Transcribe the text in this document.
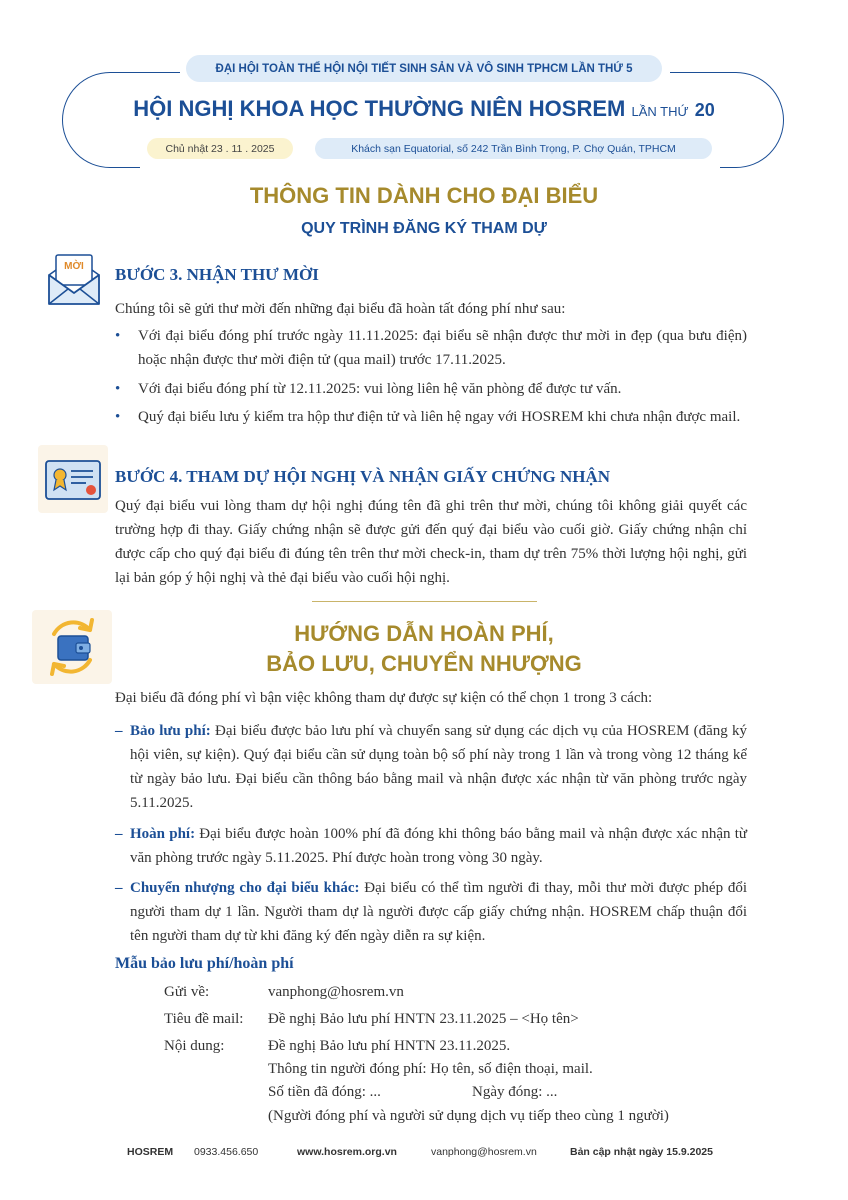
ĐẠI HỘI TOÀN THỂ HỘI NỘI TIẾT SINH SẢN VÀ VÔ SINH TPHCM LẦN THỨ 5
HỘI NGHỊ KHOA HỌC THƯỜNG NIÊN HOSREM LẦN THỨ 20
Chủ nhật 23 . 11 . 2025	Khách sạn Equatorial, số 242 Trần Bình Trọng, P. Chợ Quán, TPHCM
THÔNG TIN DÀNH CHO ĐẠI BIỂU
QUY TRÌNH ĐĂNG KÝ THAM DỰ
MỜI	BƯỚC 3. NHẬN THƯ MỜI
Chúng tôi sẽ gửi thư mời đến những đại biểu đã hoàn tất đóng phí như sau:
• Với đại biểu đóng phí trước ngày 11.11.2025: đại biểu sẽ nhận được thư mời in đẹp (qua bưu điện) hoặc nhận được thư mời điện tử (qua mail) trước 17.11.2025.
• Với đại biểu đóng phí từ 12.11.2025: vui lòng liên hệ văn phòng để được tư vấn.
• Quý đại biểu lưu ý kiểm tra hộp thư điện tử và liên hệ ngay với HOSREM khi chưa nhận được mail.
BƯỚC 4. THAM DỰ HỘI NGHỊ VÀ NHẬN GIẤY CHỨNG NHẬN
Quý đại biểu vui lòng tham dự hội nghị đúng tên đã ghi trên thư mời, chúng tôi không giải quyết các trường hợp đi thay. Giấy chứng nhận sẽ được gửi đến quý đại biểu vào cuối giờ. Giấy chứng nhận chỉ được cấp cho quý đại biểu đi đúng tên trên thư mời check-in, tham dự trên 75% thời lượng hội nghị, gửi lại bản góp ý hội nghị và thẻ đại biểu vào cuối hội nghị.
HƯỚNG DẪN HOÀN PHÍ,
BẢO LƯU, CHUYỂN NHƯỢNG
Đại biểu đã đóng phí vì bận việc không tham dự được sự kiện có thể chọn 1 trong 3 cách:
– Bảo lưu phí: Đại biểu được bảo lưu phí và chuyển sang sử dụng các dịch vụ của HOSREM (đăng ký hội viên, sự kiện). Quý đại biểu cần sử dụng toàn bộ số phí này trong 1 lần và trong vòng 12 tháng kể từ ngày bảo lưu. Đại biểu cần thông báo bằng mail và nhận được xác nhận từ văn phòng trước ngày 5.11.2025.
– Hoàn phí: Đại biểu được hoàn 100% phí đã đóng khi thông báo bằng mail và nhận được xác nhận từ văn phòng trước ngày 5.11.2025. Phí được hoàn trong vòng 30 ngày.
– Chuyển nhượng cho đại biểu khác: Đại biểu có thể tìm người đi thay, mỗi thư mời được phép đổi người tham dự 1 lần. Người tham dự là người được cấp giấy chứng nhận. HOSREM chấp thuận đổi tên người tham dự từ khi đăng ký đến ngày diễn ra sự kiện.
Mẫu bảo lưu phí/hoàn phí
Gửi về:	vanphong@hosrem.vn
Tiêu đề mail: Đề nghị Bảo lưu phí HNTN 23.11.2025 – <Họ tên>
Nội dung:	Đề nghị Bảo lưu phí HNTN 23.11.2025.
Thông tin người đóng phí: Họ tên, số điện thoại, mail.
Số tiền đã đóng: ...	Ngày đóng: ...
(Người đóng phí và người sử dụng dịch vụ tiếp theo cùng 1 người)
HOSREM 0933.456.650	www.hosrem.org.vn	vanphong@hosrem.vn	Bản cập nhật ngày 15.9.2025
